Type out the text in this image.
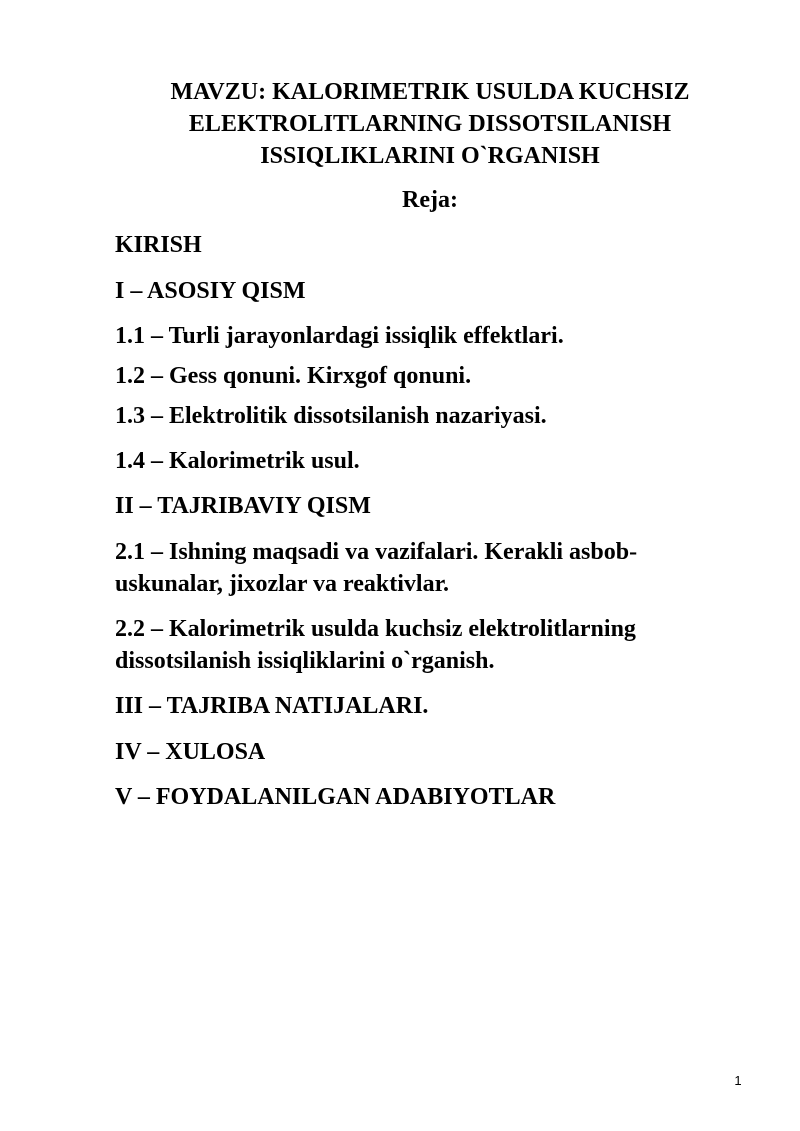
MAVZU: KALORIMETRIK USULDA KUCHSIZ
ELEKTROLITLARNING DISSOTSILANISH
ISSIQLIKLARINI O`RGANISH
Reja:
KIRISH
I – ASOSIY QISM
1.1 – Turli jarayonlardagi issiqlik effektlari.
1.2 – Gess qonuni. Kirxgof qonuni.
1.3 – Elektrolitik dissotsilanish nazariyasi.
1.4 – Kalorimetrik usul.
II – TAJRIBAVIY QISM
2.1 – Ishning maqsadi va vazifalari. Kerakli asbob-
uskunalar, jixozlar va reaktivlar.
2.2 – Kalorimetrik usulda kuchsiz elektrolitlarning
dissotsilanish issiqliklarini o`rganish.
III – TAJRIBA NATIJALARI.
IV – XULOSA
V – FOYDALANILGAN ADABIYOTLAR
1
